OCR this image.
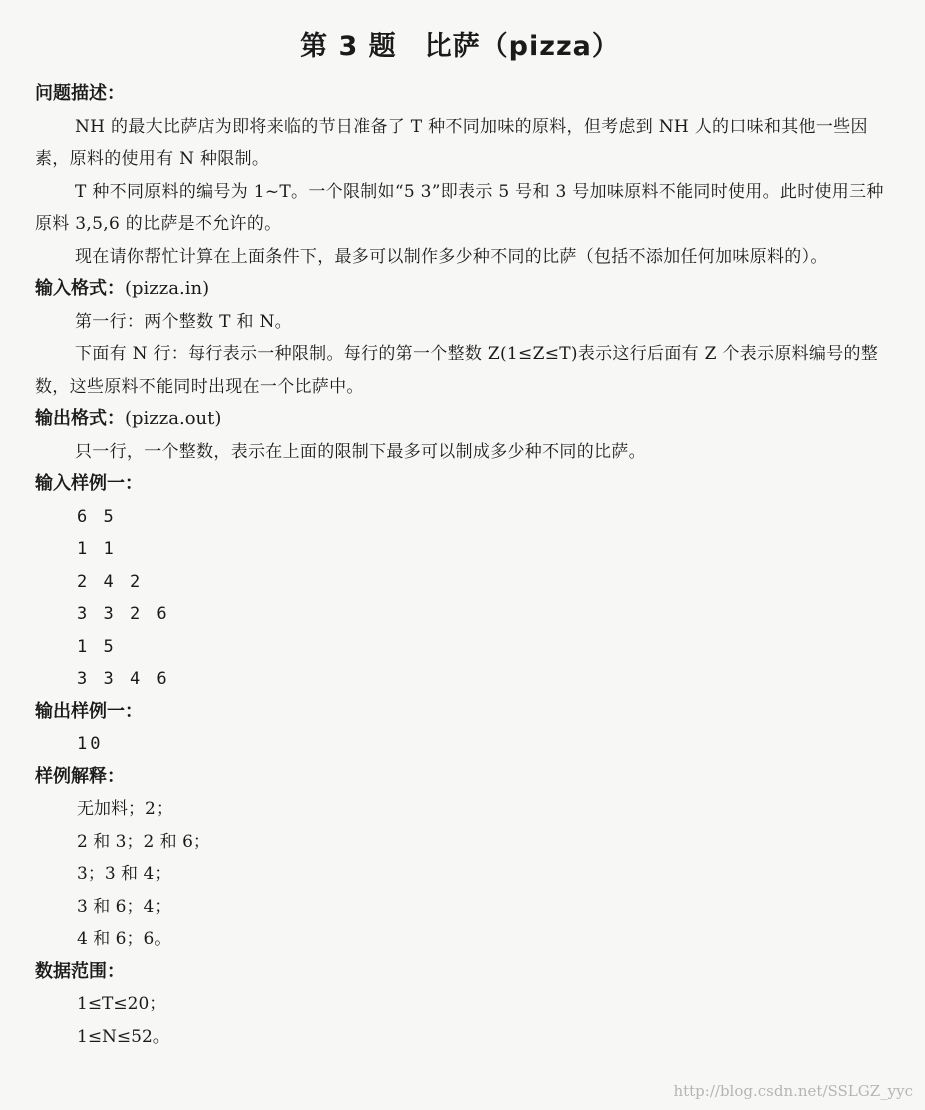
第 3 题　比萨（pizza）

问题描述：

NH 的最大比萨店为即将来临的节日准备了 T 种不同加味的原料，但考虑到 NH 人的口味和其他一些因素，原料的使用有 N 种限制。

T 种不同原料的编号为 1~T。一个限制如“5 3”即表示 5 号和 3 号加味原料不能同时使用。此时使用三种原料 3,5,6 的比萨是不允许的。

现在请你帮忙计算在上面条件下，最多可以制作多少种不同的比萨（包括不添加任何加味原料的）。

输入格式：(pizza.in)

第一行：两个整数 T 和 N。

下面有 N 行：每行表示一种限制。每行的第一个整数 Z(1≤Z≤T)表示这行后面有 Z 个表示原料编号的整数，这些原料不能同时出现在一个比萨中。

输出格式：(pizza.out)

只一行，一个整数，表示在上面的限制下最多可以制成多少种不同的比萨。

输入样例一：

6 5

1 1

2 4 2

3 3 2 6

1 5

3 3 4 6

输出样例一：

10

样例解释：

无加料；2；

2 和 3；2 和 6；

3；3 和 4；

3 和 6；4；

4 和 6；6。

数据范围：

1≤T≤20；

1≤N≤52。

http://blog.csdn.net/SSLGZ_yyc
